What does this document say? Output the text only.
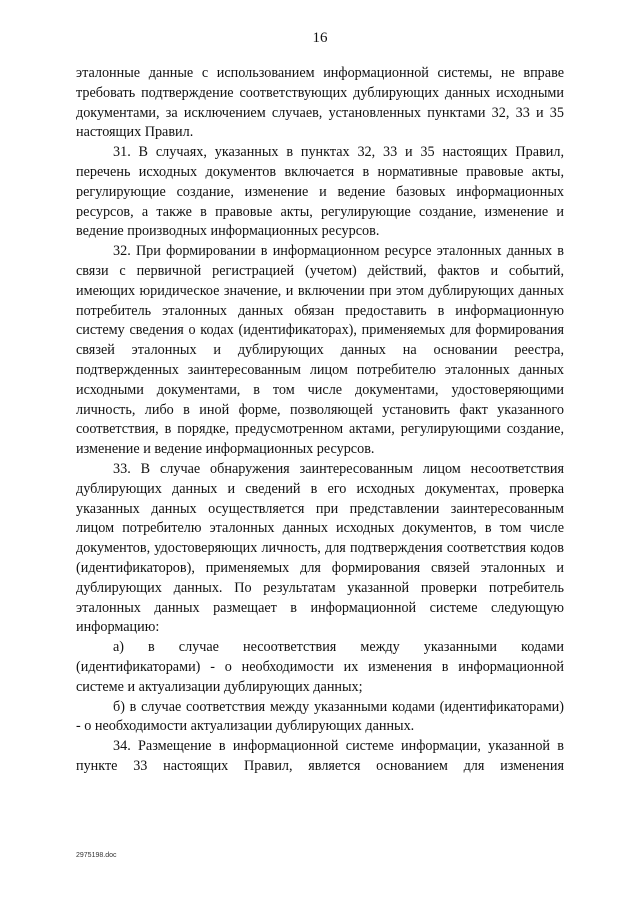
16

эталонные данные с использованием информационной системы, не вправе требовать подтверждение соответствующих дублирующих данных исходными документами, за исключением случаев, установленных пунктами 32, 33 и 35 настоящих Правил.

31. В случаях, указанных в пунктах 32, 33 и 35 настоящих Правил, перечень исходных документов включается в нормативные правовые акты, регулирующие создание, изменение и ведение базовых информационных ресурсов, а также в правовые акты, регулирующие создание, изменение и ведение производных информационных ресурсов.

32. При формировании в информационном ресурсе эталонных данных в связи с первичной регистрацией (учетом) действий, фактов и событий, имеющих юридическое значение, и включении при этом дублирующих данных потребитель эталонных данных обязан предоставить в информационную систему сведения о кодах (идентификаторах), применяемых для формирования связей эталонных и дублирующих данных на основании реестра, подтвержденных заинтересованным лицом потребителю эталонных данных исходными документами, в том числе документами, удостоверяющими личность, либо в иной форме, позволяющей установить факт указанного соответствия, в порядке, предусмотренном актами, регулирующими создание, изменение и ведение информационных ресурсов.

33. В случае обнаружения заинтересованным лицом несоответствия дублирующих данных и сведений в его исходных документах, проверка указанных данных осуществляется при представлении заинтересованным лицом потребителю эталонных данных исходных документов, в том числе документов, удостоверяющих личность, для подтверждения соответствия кодов (идентификаторов), применяемых для формирования связей эталонных и дублирующих данных. По результатам указанной проверки потребитель эталонных данных размещает в информационной системе следующую информацию:

а) в случае несоответствия между указанными кодами (идентификаторами) - о необходимости их изменения в информационной системе и актуализации дублирующих данных;

б) в случае соответствия между указанными кодами (идентификаторами) - о необходимости актуализации дублирующих данных.

34. Размещение в информационной системе информации, указанной в пункте 33 настоящих Правил, является основанием для изменения

2975198.doc
